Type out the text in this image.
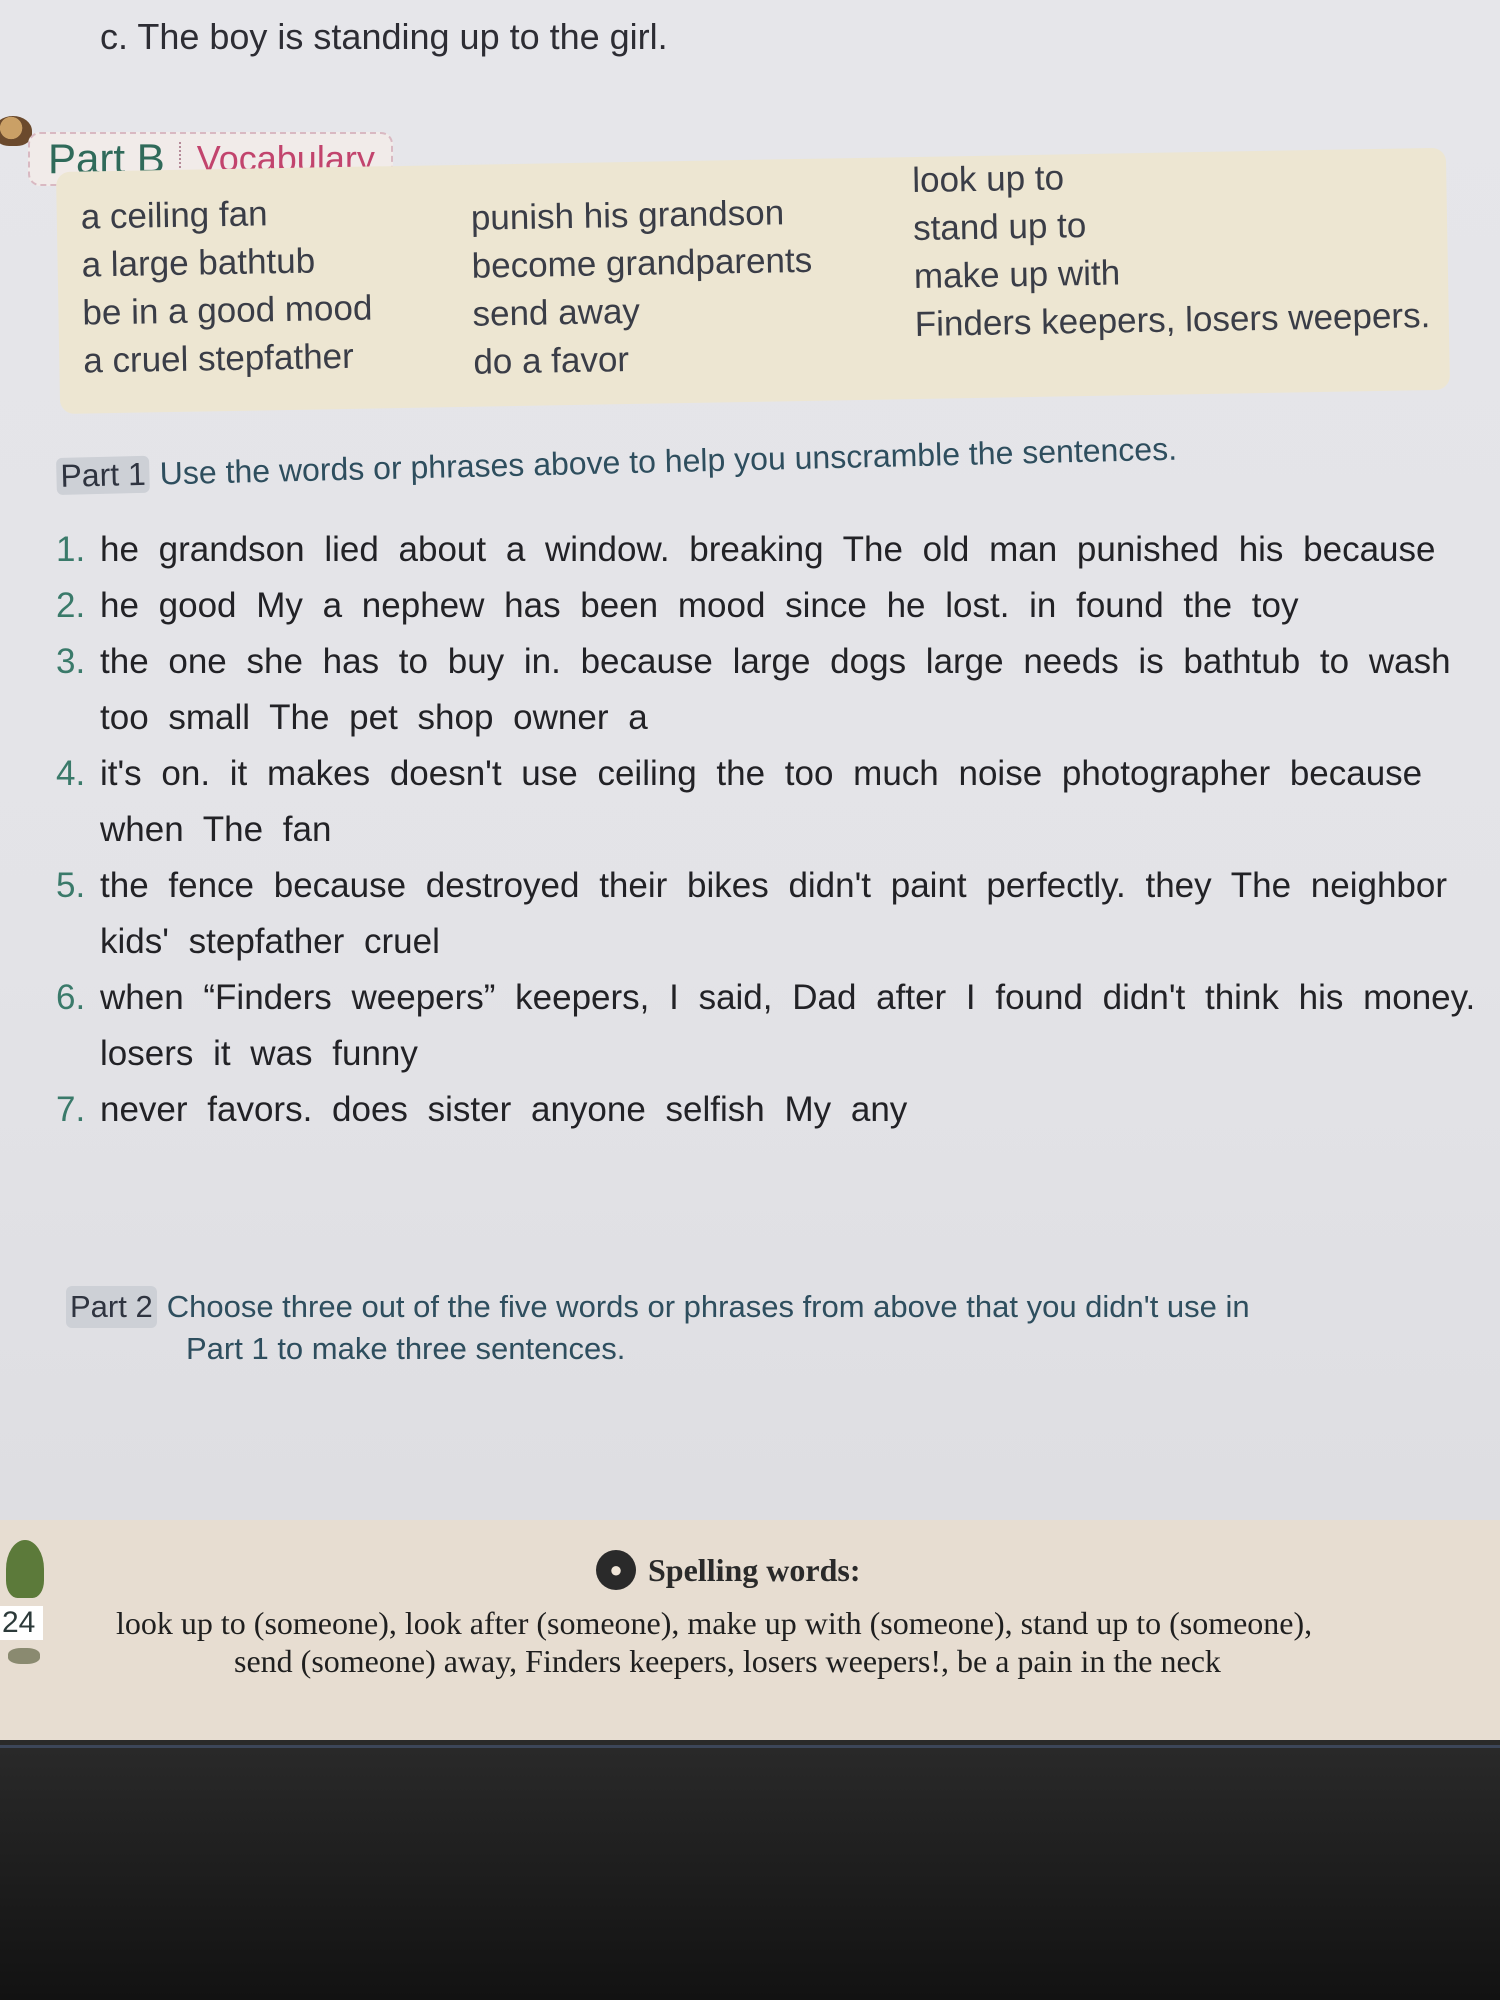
c. The boy is standing up to the girl.
Part B Vocabulary
a ceiling fan
a large bathtub
be in a good mood
a cruel stepfather
punish his grandson
become grandparents
send away
do a favor
look up to
stand up to
make up with
Finders keepers, losers weepers.
Part 1 Use the words or phrases above to help you unscramble the sentences.
1. he grandson lied about a window. breaking The old man punished his because
2. he good My a nephew has been mood since he lost. in found the toy
3. the one she has to buy in. because large dogs large needs is bathtub to wash too small The pet shop owner a
4. it's on. it makes doesn't use ceiling the too much noise photographer because when The fan
5. the fence because destroyed their bikes didn't paint perfectly. they The neighbor kids' stepfather cruel
6. when “Finders weepers” keepers, I said, Dad after I found didn't think his money. losers it was funny
7. never favors. does sister anyone selfish My any
Part 2 Choose three out of the five words or phrases from above that you didn't use in
Part 1 to make three sentences.
24
● Spelling words:
look up to (someone), look after (someone), make up with (someone), stand up to (someone),
send (someone) away, Finders keepers, losers weepers!, be a pain in the neck
